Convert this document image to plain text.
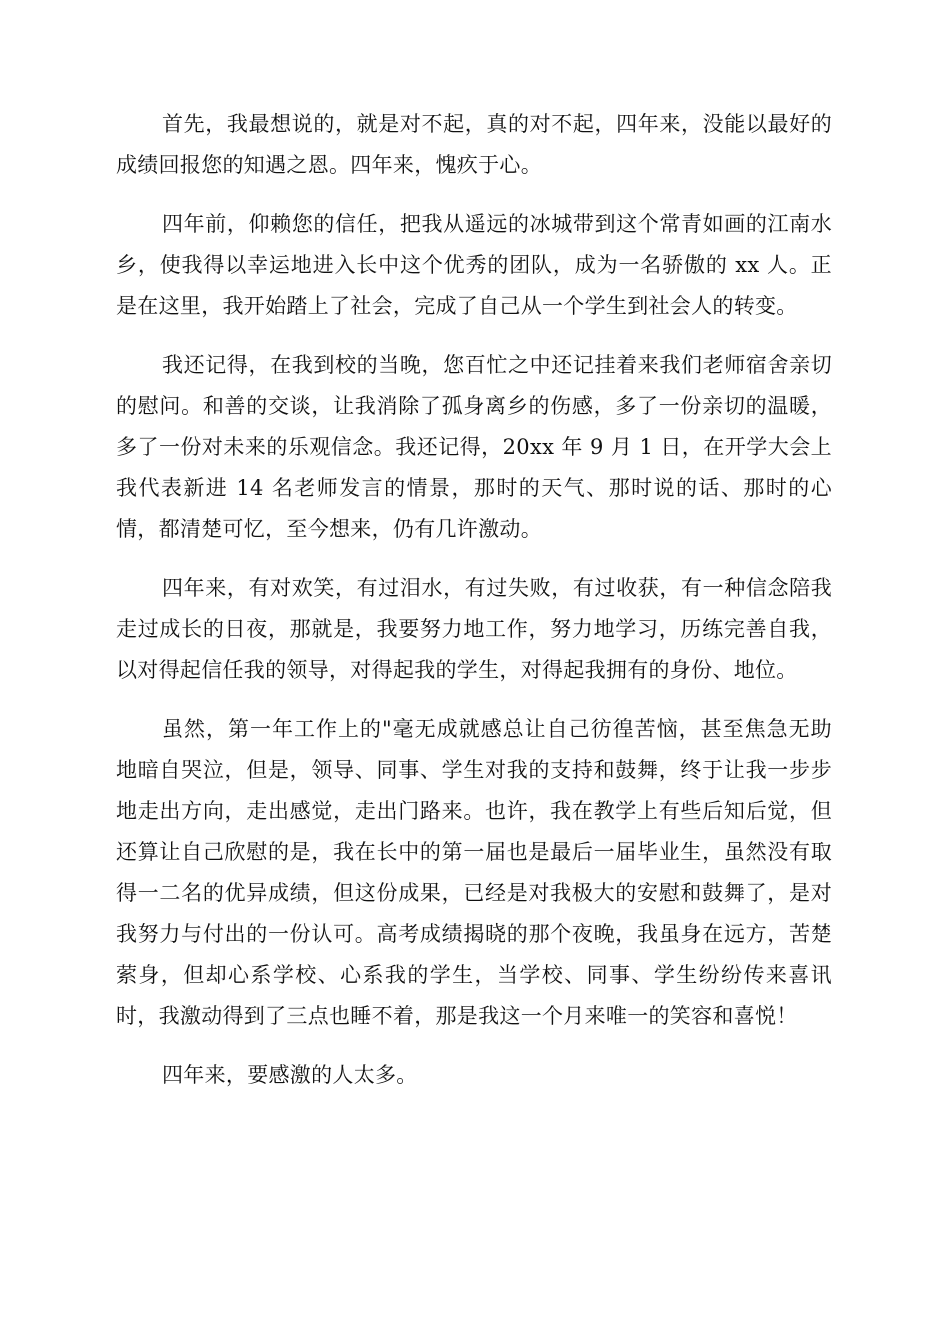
首先，我最想说的，就是对不起，真的对不起，四年来，没能以最好的成绩回报您的知遇之恩。四年来，愧疚于心。

四年前，仰赖您的信任，把我从遥远的冰城带到这个常青如画的江南水乡，使我得以幸运地进入长中这个优秀的团队，成为一名骄傲的 xx 人。正是在这里，我开始踏上了社会，完成了自己从一个学生到社会人的转变。

我还记得，在我到校的当晚，您百忙之中还记挂着来我们老师宿舍亲切的慰问。和善的交谈，让我消除了孤身离乡的伤感，多了一份亲切的温暖，多了一份对未来的乐观信念。我还记得，20xx 年 9 月 1 日，在开学大会上我代表新进 14 名老师发言的情景，那时的天气、那时说的话、那时的心情，都清楚可忆，至今想来，仍有几许激动。

四年来，有对欢笑，有过泪水，有过失败，有过收获，有一种信念陪我走过成长的日夜，那就是，我要努力地工作，努力地学习，历练完善自我，以对得起信任我的领导，对得起我的学生，对得起我拥有的身份、地位。

虽然，第一年工作上的"毫无成就感总让自己彷徨苦恼，甚至焦急无助地暗自哭泣，但是，领导、同事、学生对我的支持和鼓舞，终于让我一步步地走出方向，走出感觉，走出门路来。也许，我在教学上有些后知后觉，但还算让自己欣慰的是，我在长中的第一届也是最后一届毕业生，虽然没有取得一二名的优异成绩，但这份成果，已经是对我极大的安慰和鼓舞了，是对我努力与付出的一份认可。高考成绩揭晓的那个夜晚，我虽身在远方，苦楚萦身，但却心系学校、心系我的学生，当学校、同事、学生纷纷传来喜讯时，我激动得到了三点也睡不着，那是我这一个月来唯一的笑容和喜悦！

四年来，要感激的人太多。
